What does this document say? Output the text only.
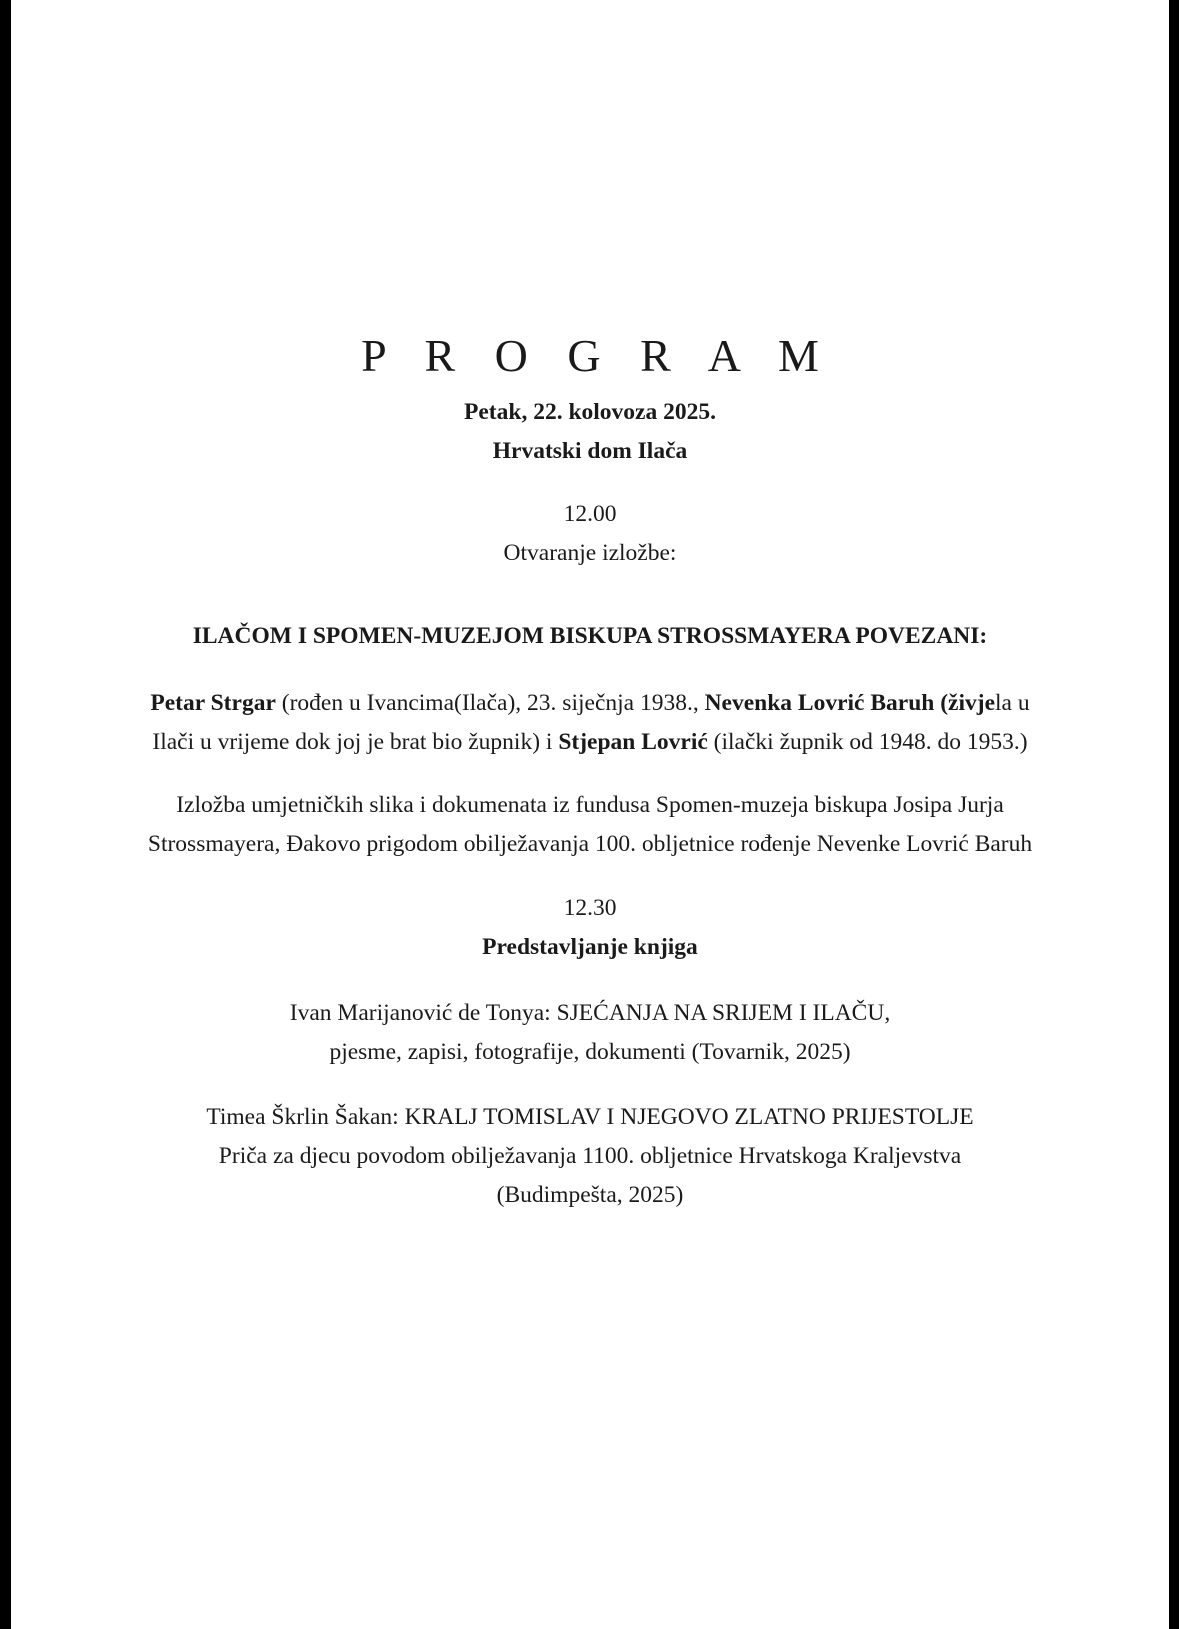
P R O G R A M
Petak, 22. kolovoza 2025.
Hrvatski dom Ilača
12.00
Otvaranje izložbe:
ILAČOM I SPOMEN-MUZEJOM BISKUPA STROSSMAYERA POVEZANI:
Petar Strgar (rođen u Ivancima(Ilača), 23. siječnja 1938., Nevenka Lovrić Baruh (živjela u
Ilači u vrijeme dok joj je brat bio župnik) i Stjepan Lovrić (ilački župnik od 1948. do 1953.)
Izložba umjetničkih slika i dokumenata iz fundusa Spomen-muzeja biskupa Josipa Jurja
Strossmayera, Đakovo prigodom obilježavanja 100. obljetnice rođenje Nevenke Lovrić Baruh
12.30
Predstavljanje knjiga
Ivan Marijanović de Tonya: SJEĆANJA NA SRIJEM I ILAČU,
pjesme, zapisi, fotografije, dokumenti (Tovarnik, 2025)
Timea Škrlin Šakan: KRALJ TOMISLAV I NJEGOVO ZLATNO PRIJESTOLJE
Priča za djecu povodom obilježavanja 1100. obljetnice Hrvatskoga Kraljevstva
(Budimpešta, 2025)
